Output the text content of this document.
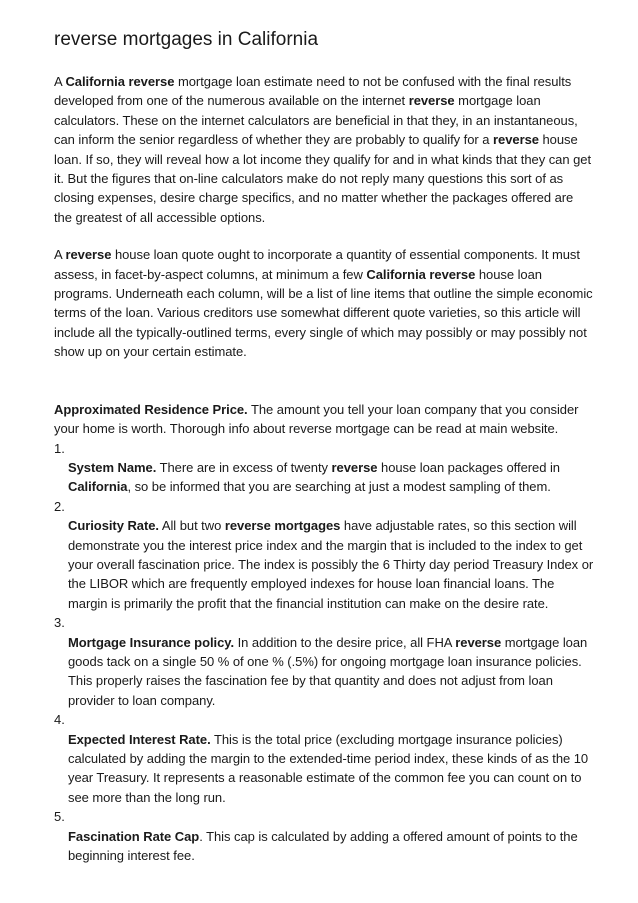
reverse mortgages in California

A California reverse mortgage loan estimate need to not be confused with the final results developed from one of the numerous available on the internet reverse mortgage loan calculators. These on the internet calculators are beneficial in that they, in an instantaneous, can inform the senior regardless of whether they are probably to qualify for a reverse house loan. If so, they will reveal how a lot income they qualify for and in what kinds that they can get it. But the figures that on-line calculators make do not reply many questions this sort of as closing expenses, desire charge specifics, and no matter whether the packages offered are the greatest of all accessible options.

A reverse house loan quote ought to incorporate a quantity of essential components. It must assess, in facet-by-aspect columns, at minimum a few California reverse house loan programs. Underneath each column, will be a list of line items that outline the simple economic terms of the loan. Various creditors use somewhat different quote varieties, so this article will include all the typically-outlined terms, every single of which may possibly or may possibly not show up on your certain estimate.

Approximated Residence Price. The amount you tell your loan company that you consider your home is worth. Thorough info about reverse mortgage can be read at main website.
1.
System Name. There are in excess of twenty reverse house loan packages offered in California, so be informed that you are searching at just a modest sampling of them.
2.
Curiosity Rate. All but two reverse mortgages have adjustable rates, so this section will demonstrate you the interest price index and the margin that is included to the index to get your overall fascination price. The index is possibly the 6 Thirty day period Treasury Index or the LIBOR which are frequently employed indexes for house loan financial loans. The margin is primarily the profit that the financial institution can make on the desire rate.
3.
Mortgage Insurance policy. In addition to the desire price, all FHA reverse mortgage loan goods tack on a single 50 % of one % (.5%) for ongoing mortgage loan insurance policies. This properly raises the fascination fee by that quantity and does not adjust from loan provider to loan company.
4.
Expected Interest Rate. This is the total price (excluding mortgage insurance policies) calculated by adding the margin to the extended-time period index, these kinds of as the 10 year Treasury. It represents a reasonable estimate of the common fee you can count on to see more than the long run.
5.
Fascination Rate Cap. This cap is calculated by adding a offered amount of points to the beginning interest fee.
